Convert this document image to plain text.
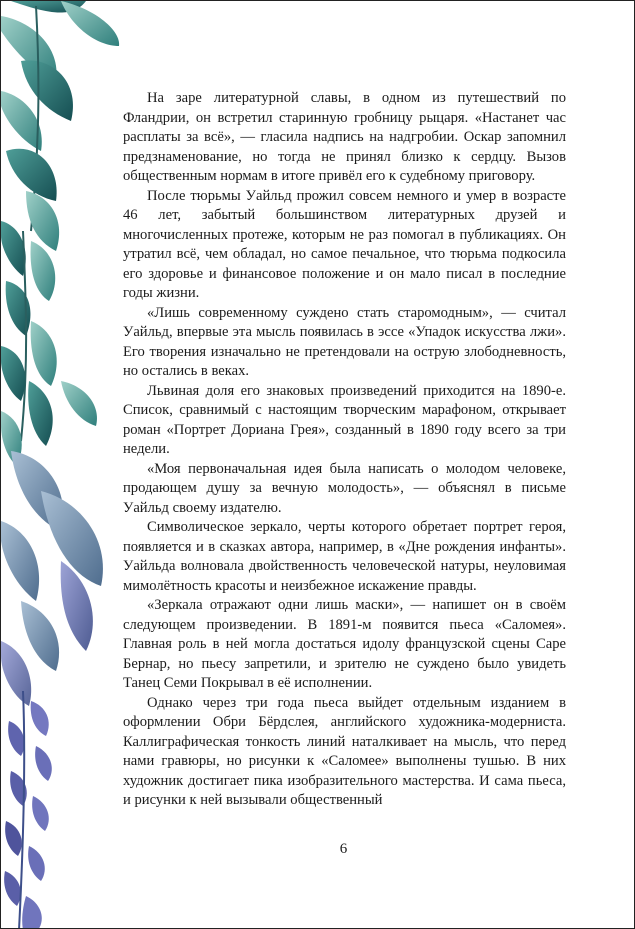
На заре литературной славы, в одном из путешествий по Фландрии, он встретил старинную гробницу рыцаря. «Настанет час расплаты за всё», — гласила надпись на надгробии. Оскар запомнил предзнаменование, но тогда не принял близко к сердцу. Вызов общественным нормам в итоге привёл его к судебному приговору.

После тюрьмы Уайльд прожил совсем немного и умер в возрасте 46 лет, забытый большинством литературных друзей и многочисленных протеже, которым не раз помогал в публикациях. Он утратил всё, чем обладал, но самое печальное, что тюрьма подкосила его здоровье и финансовое положение и он мало писал в последние годы жизни.

«Лишь современному суждено стать старомодным», — считал Уайльд, впервые эта мысль появилась в эссе «Упадок искусства лжи». Его творения изначально не претендовали на острую злободневность, но остались в веках.

Львиная доля его знаковых произведений приходится на 1890-е. Список, сравнимый с настоящим творческим марафоном, открывает роман «Портрет Дориана Грея», созданный в 1890 году всего за три недели.

«Моя первоначальная идея была написать о молодом человеке, продающем душу за вечную молодость», — объяснял в письме Уайльд своему издателю.

Символическое зеркало, черты которого обретает портрет героя, появляется и в сказках автора, например, в «Дне рождения инфанты». Уайльда волновала двойственность человеческой натуры, неуловимая мимолётность красоты и неизбежное искажение правды.

«Зеркала отражают одни лишь маски», — напишет он в своём следующем произведении. В 1891-м появится пьеса «Саломея». Главная роль в ней могла достаться идолу французской сцены Саре Бернар, но пьесу запретили, и зрителю не суждено было увидеть Танец Семи Покрывал в её исполнении.

Однако через три года пьеса выйдет отдельным изданием в оформлении Обри Бёрдслея, английского художника-модерниста. Каллиграфическая тонкость линий наталкивает на мысль, что перед нами гравюры, но рисунки к «Саломее» выполнены тушью. В них художник достигает пика изобразительного мастерства. И сама пьеса, и рисунки к ней вызывали общественный

6
